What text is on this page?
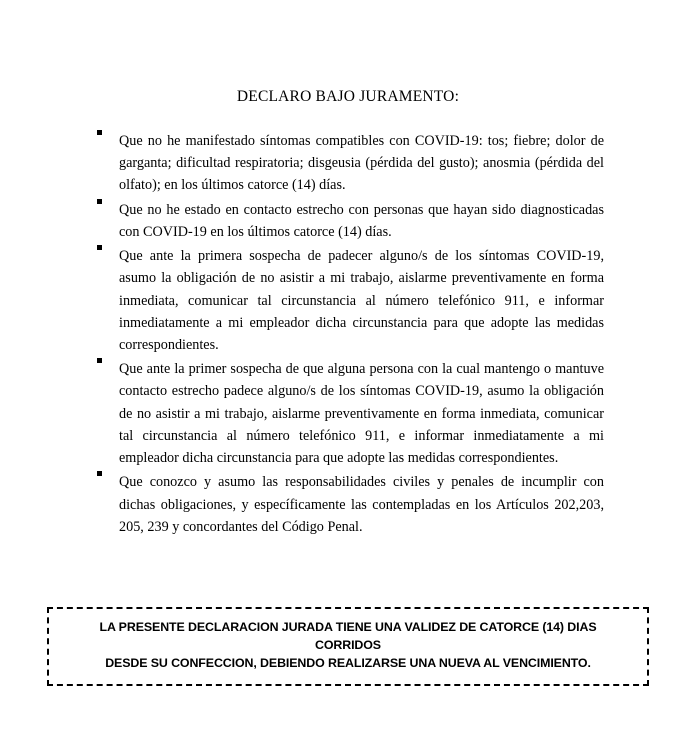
DECLARO BAJO JURAMENTO:
Que no he manifestado síntomas compatibles con COVID-19: tos; fiebre; dolor de garganta; dificultad respiratoria; disgeusia (pérdida del gusto); anosmia (pérdida del olfato); en los últimos catorce (14) días.
Que no he estado en contacto estrecho con personas que hayan sido diagnosticadas con COVID-19 en los últimos catorce (14) días.
Que ante la primera sospecha de padecer alguno/s de los síntomas COVID-19, asumo la obligación de no asistir a mi trabajo, aislarme preventivamente en forma inmediata, comunicar tal circunstancia al número telefónico 911, e informar inmediatamente a mi empleador dicha circunstancia para que adopte las medidas correspondientes.
Que ante la primer sospecha de que alguna persona con la cual mantengo o mantuve contacto estrecho padece alguno/s de los síntomas COVID-19, asumo la obligación de no asistir a mi trabajo, aislarme preventivamente en forma inmediata, comunicar tal circunstancia al número telefónico 911, e informar inmediatamente a mi empleador dicha circunstancia para que adopte las medidas correspondientes.
Que conozco y asumo las responsabilidades civiles y penales de incumplir con dichas obligaciones, y específicamente las contempladas en los Artículos 202,203, 205, 239 y concordantes del Código Penal.
LA PRESENTE DECLARACION JURADA TIENE UNA VALIDEZ DE CATORCE (14) DIAS CORRIDOS
DESDE SU CONFECCION, DEBIENDO REALIZARSE UNA NUEVA AL VENCIMIENTO.
